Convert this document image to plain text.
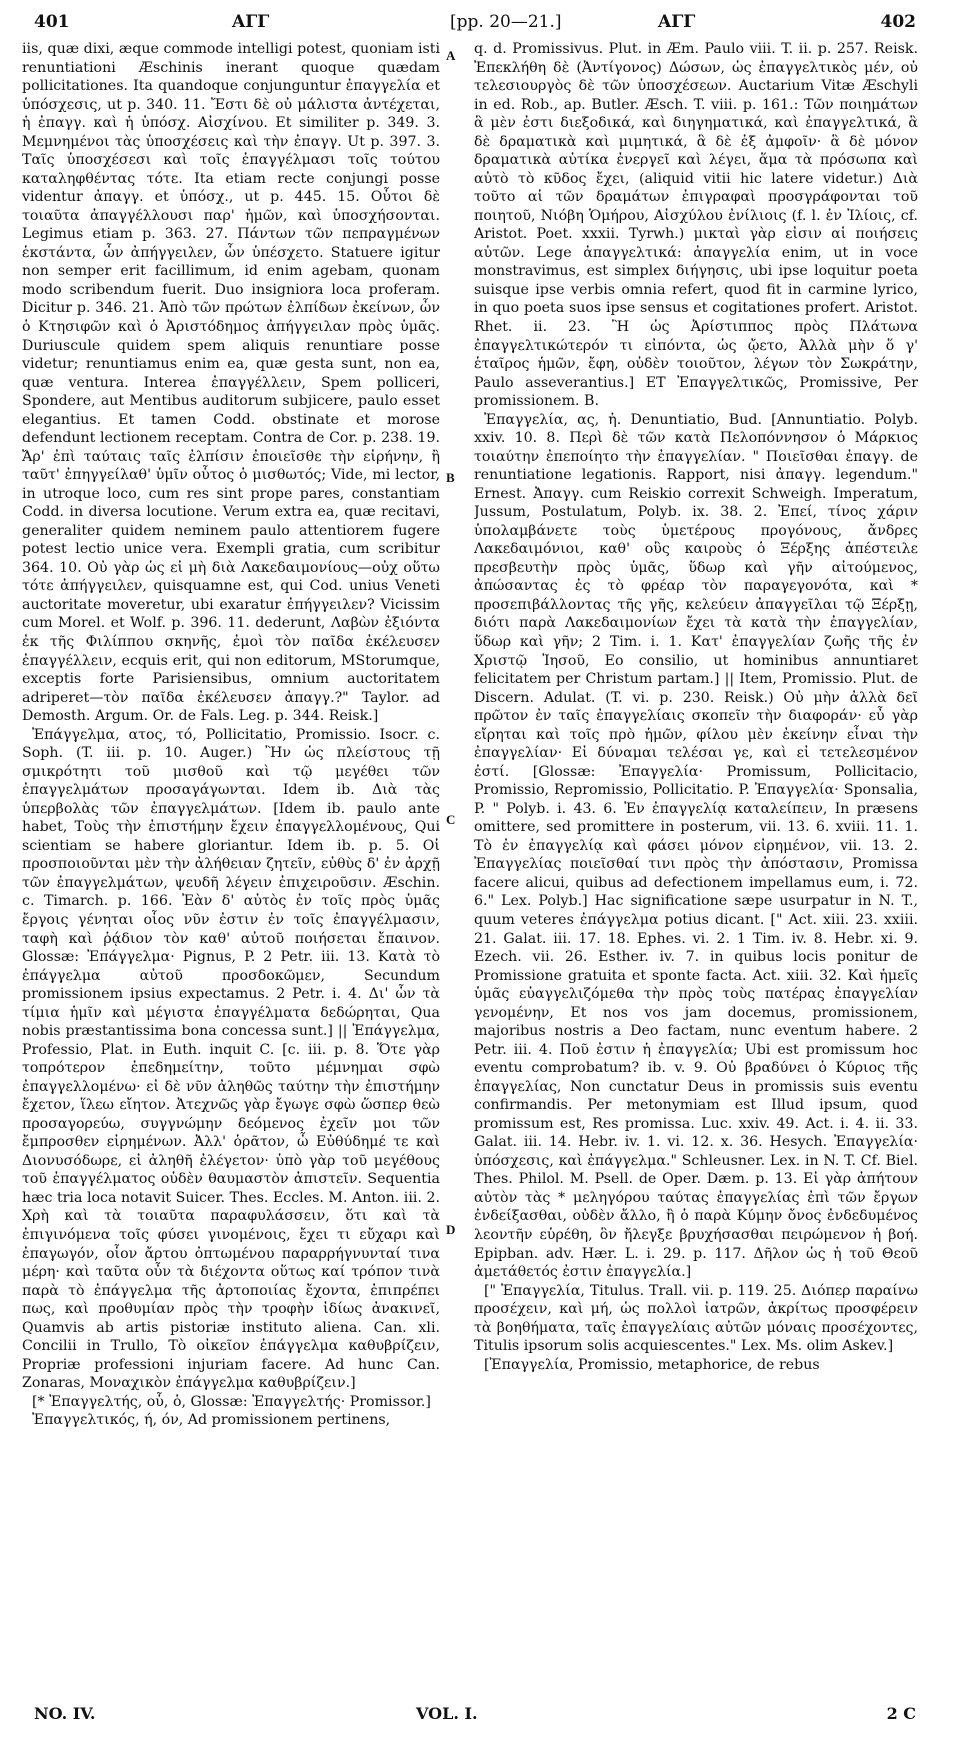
401	ΑΓΓ	[pp. 20—21.]	ΑΓΓ	402

iis, quæ dixi, æque commode intelligi potest, quoniam isti renuntiationi Æschinis inerant quoque quædam pollicitationes. Ita quandoque conjunguntur ἐπαγγελία et ὑπόσχεσις, ut p. 340. 11. Ἔστι δὲ οὐ μάλιστα ἀντέχεται, ἡ ἐπαγγ. καὶ ἡ ὑπόσχ. Αἰσχίνου. Et similiter p. 349. 3. Μεμνημένοι τὰς ὑποσχέσεις καὶ τὴν ἐπαγγ. Ut p. 397. 3. Ταῖς ὑποσχέσεσι καὶ τοῖς ἐπαγγέλμασι τοῖς τούτου καταληφθέντας τότε. Ita etiam recte conjungi posse videntur ἀπαγγ. et ὑπόσχ., ut p. 445. 15. Οὗτοι δὲ τοιαῦτα ἀπαγγέλλουσι παρ' ἡμῶν, καὶ ὑποσχήσονται. Legimus etiam p. 363. 27. Πάντων τῶν πεπραγμένων ἑκστάντα, ὧν ἀπήγγειλεν, ὧν ὑπέσχετο. Statuere igitur non semper erit facillimum, id enim agebam, quonam modo scribendum fuerit. Duo insigniora loca proferam. Dicitur p. 346. 21. Ἀπὸ τῶν πρώτων ἐλπίδων ἐκείνων, ὧν ὁ Κτησιφῶν καὶ ὁ Ἀριστόδημος ἀπήγγειλαν πρὸς ὑμᾶς. Duriuscule quidem spem aliquis renuntiare posse videtur; renuntiamus enim ea, quæ gesta sunt, non ea, quæ ventura. Interea ἐπαγγέλλειν, Spem polliceri, Spondere, aut Mentibus auditorum subjicere, paulo esset elegantius. Et tamen Codd. obstinate et morose defendunt lectionem receptam. Contra de Cor. p. 238. 19. Ἄρ' ἐπὶ ταύταις ταῖς ἐλπίσιν ἐποιεῖσθε τὴν εἰρήνην, ἢ ταῦτ' ἐπηγγείλαθ' ὑμῖν οὗτος ὁ μισθωτός; Vide, mi lector, in utroque loco, cum res sint prope pares, constantiam Codd. in diversa locutione. Verum extra ea, quæ recitavi, generaliter quidem neminem paulo attentiorem fugere potest lectio unice vera. Exempli gratia, cum scribitur 364. 10. Οὐ γὰρ ὡς εἰ μὴ διὰ Λακεδαιμονίους—οὐχ οὕτω τότε ἀπήγγειλεν, quisquamne est, qui Cod. unius Veneti auctoritate moveretur, ubi exaratur ἐπήγγειλεν? Vicissim cum Morel. et Wolf. p. 396. 11. dederunt, Λαβὼν ἐξιόντα ἐκ τῆς Φιλίππου σκηνῆς, ἐμοὶ τὸν παῖδα ἐκέλευσεν ἐπαγγέλλειν, ecquis erit, qui non editorum, MStorumque, exceptis forte Parisiensibus, omnium auctoritatem adriperet—τὸν παῖδα ἐκέλευσεν ἀπαγγ.?" Taylor. ad Demosth. Argum. Or. de Fals. Leg. p. 344. Reisk.]

Ἐπάγγελμα, ατος, τό, Pollicitatio, Promissio. Isocr. c. Soph. (T. iii. p. 10. Auger.) Ἢν ὡς πλείστους τῇ σμικρότητι τοῦ μισθοῦ καὶ τῷ μεγέθει τῶν ἐπαγγελμάτων προσαγάγωνται. Idem ib. Διὰ τὰς ὑπερβολὰς τῶν ἐπαγγελμάτων. [Idem ib. paulo ante habet, Τοὺς τὴν ἐπιστήμην ἔχειν ἐπαγγελλομένους, Qui scientiam se habere gloriantur. Idem ib. p. 5. Οἱ προσποιοῦνται μὲν τὴν ἀλήθειαν ζητεῖν, εὐθὺς δ' ἐν ἀρχῇ τῶν ἐπαγγελμάτων, ψευδῆ λέγειν ἐπιχειροῦσιν. Æschin. c. Timarch. p. 166. Ἐὰν δ' αὐτὸς ἐν τοῖς πρὸς ὑμᾶς ἔργοις γένηται οἷος νῦν ἐστιν ἐν τοῖς ἐπαγγέλμασιν, ταφὴ καὶ ῥᾴδιον τὸν καθ' αὐτοῦ ποιήσεται ἔπαινον. Glossæ: Ἐπάγγελμα· Pignus, P. 2 Petr. iii. 13. Κατὰ τὸ ἐπάγγελμα αὐτοῦ προσδοκῶμεν, Secundum promissionem ipsius expectamus. 2 Petr. i. 4. Δι' ὧν τὰ τίμια ἡμῖν καὶ μέγιστα ἐπαγγέλματα δεδώρηται, Qua nobis præstantissima bona concessa sunt.] || Ἐπάγγελμα, Professio, Plat. in Euth. inquit C. [c. iii. p. 8. Ὅτε γὰρ τοπρότερον ἐπεδημείτην, τοῦτο μέμνημαι σφὼ ἐπαγγελλομένω· εἰ δὲ νῦν ἀληθῶς ταύτην τὴν ἐπιστήμην ἔχετον, ἵλεω εἴητον. Ἀτεχνῶς γὰρ ἔγωγε σφὼ ὥσπερ θεὼ προσαγορεύω, συγγνώμην δεόμενος ἐχεῖν μοι τῶν ἔμπροσθεν εἰρημένων. Ἀλλ' ὁρᾶτον, ὦ Εὐθύδημέ τε καὶ Διονυσόδωρε, εἰ ἀληθῆ ἐλέγετον· ὑπὸ γὰρ τοῦ μεγέθους τοῦ ἐπαγγέλματος οὐδὲν θαυμαστὸν ἀπιστεῖν. Sequentia hæc tria loca notavit Suicer. Thes. Eccles. M. Anton. iii. 2. Χρὴ καὶ τὰ τοιαῦτα παραφυλάσσειν, ὅτι καὶ τὰ ἐπιγινόμενα τοῖς φύσει γινομένοις, ἔχει τι εὔχαρι καὶ ἐπαγωγόν, οἷον ἄρτου ὀπτωμένου παραρρήγνυνταί τινα μέρη· καὶ ταῦτα οὖν τὰ διέχοντα οὕτως καί τρόπον τινὰ παρὰ τὸ ἐπάγγελμα τῆς ἀρτοποιίας ἔχοντα, ἐπιπρέπει πως, καὶ προθυμίαν πρὸς τὴν τροφὴν ἰδίως ἀνακινεῖ, Quamvis ab artis pistoriæ instituto aliena. Can. xli. Concilii in Trullo, Τὸ οἰκεῖον ἐπάγγελμα καθυβρίζειν, Propriæ professioni injuriam facere. Ad hunc Can. Zonaras, Μοναχικὸν ἐπάγγελμα καθυβρίζειν.]

[* Ἐπαγγελτής, οὗ, ὁ, Glossæ: Ἐπαγγελτής· Promissor.]

Ἐπαγγελτικός, ή, όν, Ad promissionem pertinens,

A
B
C
D

q. d. Promissivus. Plut. in Æm. Paulo viii. T. ii. p. 257. Reisk. Ἐπεκλήθη δὲ (Ἀντίγονος) Δώσων, ὡς ἐπαγγελτικὸς μέν, οὐ τελεσιουργὸς δὲ τῶν ὑποσχέσεων. Auctarium Vitæ Æschyli in ed. Rob., ap. Butler. Æsch. T. viii. p. 161.: Τῶν ποιημάτων ἃ μὲν ἐστι διεξοδικά, καὶ διηγηματικά, καὶ ἐπαγγελτικά, ἃ δὲ δραματικὰ καὶ μιμητικά, ἃ δὲ ἐξ ἀμφοῖν· ἃ δὲ μόνον δραματικὰ αὐτίκα ἐνεργεῖ καὶ λέγει, ἅμα τὰ πρόσωπα καὶ αὐτὸ τὸ κῦδος ἔχει, (aliquid vitii hic latere videtur.) Διὰ τοῦτο αἱ τῶν δραμάτων ἐπιγραφαὶ προσγράφονται τοῦ ποιητοῦ, Νιόβη Ὁμήρου, Αἰσχύλου ἐνίλιοις (f. l. ἐν Ἰλίοις, cf. Aristot. Poet. xxxii. Tyrwh.) μικταὶ γὰρ εἰσιν αἱ ποιήσεις αὐτῶν. Lege ἀπαγγελτικά: ἀπαγγελία enim, ut in voce monstravimus, est simplex διήγησις, ubi ipse loquitur poeta suisque ipse verbis omnia refert, quod fit in carmine lyrico, in quo poeta suos ipse sensus et cogitationes profert. Aristot. Rhet. ii. 23. Ἢ ὡς Ἀρίστιππος πρὸς Πλάτωνα ἐπαγγελτικώτερόν τι εἰπόντα, ὡς ᾤετο, Ἀλλὰ μὴν ὅ γ' ἑταῖρος ἡμῶν, ἔφη, οὐδὲν τοιοῦτον, λέγων τὸν Σωκράτην, Paulo asseverantius.] ET Ἐπαγγελτικῶς, Promissive, Per promissionem. B.

Ἐπαγγελία, ας, ἡ. Denuntiatio, Bud. [Annuntiatio. Polyb. xxiv. 10. 8. Περὶ δὲ τῶν κατὰ Πελοπόννησον ὁ Μάρκιος τοιαύτην ἐπεποίητο τὴν ἐπαγγελίαν. " Ποιεῖσθαι ἐπαγγ. de renuntiatione legationis. Rapport, nisi ἀπαγγ. legendum." Ernest. Ἀπαγγ. cum Reiskio correxit Schweigh. Imperatum, Jussum, Postulatum, Polyb. ix. 38. 2. Ἐπεί, τίνος χάριν ὑπολαμβάνετε τοὺς ὑμετέρους προγόνους, ἄνδρες Λακεδαιμόνιοι, καθ' οὓς καιροὺς ὁ Ξέρξης ἀπέστειλε πρεσβευτὴν πρὸς ὑμᾶς, ὕδωρ καὶ γῆν αἰτούμενος, ἀπώσαντας ἐς τὸ φρέαρ τὸν παραγεγονότα, καὶ * προσεπιβάλλοντας τῆς γῆς, κελεύειν ἀπαγγεῖλαι τῷ Ξέρξῃ, διότι παρὰ Λακεδαιμονίων ἔχει τὰ κατὰ τὴν ἐπαγγελίαν, ὕδωρ καὶ γῆν; 2 Tim. i. 1. Κατ' ἐπαγγελίαν ζωῆς τῆς ἐν Χριστῷ Ἰησοῦ, Eo consilio, ut hominibus annuntiaret felicitatem per Christum partam.] || Item, Promissio. Plut. de Discern. Adulat. (T. vi. p. 230. Reisk.) Οὐ μὴν ἀλλὰ δεῖ πρῶτον ἐν ταῖς ἐπαγγελίαις σκοπεῖν τὴν διαφοράν· εὖ γὰρ εἴρηται καὶ τοῖς πρὸ ἡμῶν, φίλου μὲν ἐκείνην εἶναι τὴν ἐπαγγελίαν· Εἰ δύναμαι τελέσαι γε, καὶ εἰ τετελεσμένον ἐστί. [Glossæ: Ἐπαγγελία· Promissum, Pollicitacio, Promissio, Repromissio, Pollicitatio. P. Ἐπαγγελία· Sponsalia, P. " Polyb. i. 43. 6. Ἐν ἐπαγγελίᾳ καταλείπειν, In præsens omittere, sed promittere in posterum, vii. 13. 6. xviii. 11. 1. Τὸ ἐν ἐπαγγελίᾳ καὶ φάσει μόνον εἰρημένον, vii. 13. 2. Ἐπαγγελίας ποιεῖσθαί τινι πρὸς τὴν ἀπόστασιν, Promissa facere alicui, quibus ad defectionem impellamus eum, i. 72. 6." Lex. Polyb.] Hac significatione sæpe usurpatur in N. T., quum veteres ἐπάγγελμα potius dicant. [" Act. xiii. 23. xxiii. 21. Galat. iii. 17. 18. Ephes. vi. 2. 1 Tim. iv. 8. Hebr. xi. 9. Ezech. vii. 26. Esther. iv. 7. in quibus locis ponitur de Promissione gratuita et sponte facta. Act. xiii. 32. Καὶ ἡμεῖς ὑμᾶς εὐαγγελιζόμεθα τὴν πρὸς τοὺς πατέρας ἐπαγγελίαν γενομένην, Et nos vos jam docemus, promissionem, majoribus nostris a Deo factam, nunc eventum habere. 2 Petr. iii. 4. Ποῦ ἐστιν ἡ ἐπαγγελία; Ubi est promissum hoc eventu comprobatum? ib. v. 9. Οὐ βραδύνει ὁ Κύριος τῆς ἐπαγγελίας, Non cunctatur Deus in promissis suis eventu confirmandis. Per metonymiam est Illud ipsum, quod promissum est, Res promissa. Luc. xxiv. 49. Act. i. 4. ii. 33. Galat. iii. 14. Hebr. iv. 1. vi. 12. x. 36. Hesych. Ἐπαγγελία· ὑπόσχεσις, καὶ ἐπάγγελμα." Schleusner. Lex. in N. T. Cf. Biel. Thes. Philol. M. Psell. de Oper. Dæm. p. 13. Εἰ γὰρ ἀπήτουν αὐτὸν τὰς * μεληγόρου ταύτας ἐπαγγελίας ἐπὶ τῶν ἔργων ἐνδείξασθαι, οὐδὲν ἄλλο, ἢ ὁ παρὰ Κύμην ὄνος ἐνδεδυμένος λεοντῆν εὑρέθη, ὃν ἤλεγξε βρυχήσασθαι πειρώμενον ἡ βοή. Epipban. adv. Hær. L. i. 29. p. 117. Δῆλον ὡς ἡ τοῦ Θεοῦ ἀμετάθετός ἐστιν ἐπαγγελία.]

[" Ἐπαγγελία, Titulus. Trall. vii. p. 119. 25. Διόπερ παραίνω προσέχειν, καὶ μή, ὡς πολλοὶ ἰατρῶν, ἀκρίτως προσφέρειν τὰ βοηθήματα, ταῖς ἐπαγγελίαις αὐτῶν μόναις προσέχοντες, Titulis ipsorum solis acquiescentes." Lex. Ms. olim Askev.]

[Ἐπαγγελία, Promissio, metaphorice, de rebus

NO. IV.	VOL. I.	2 C
